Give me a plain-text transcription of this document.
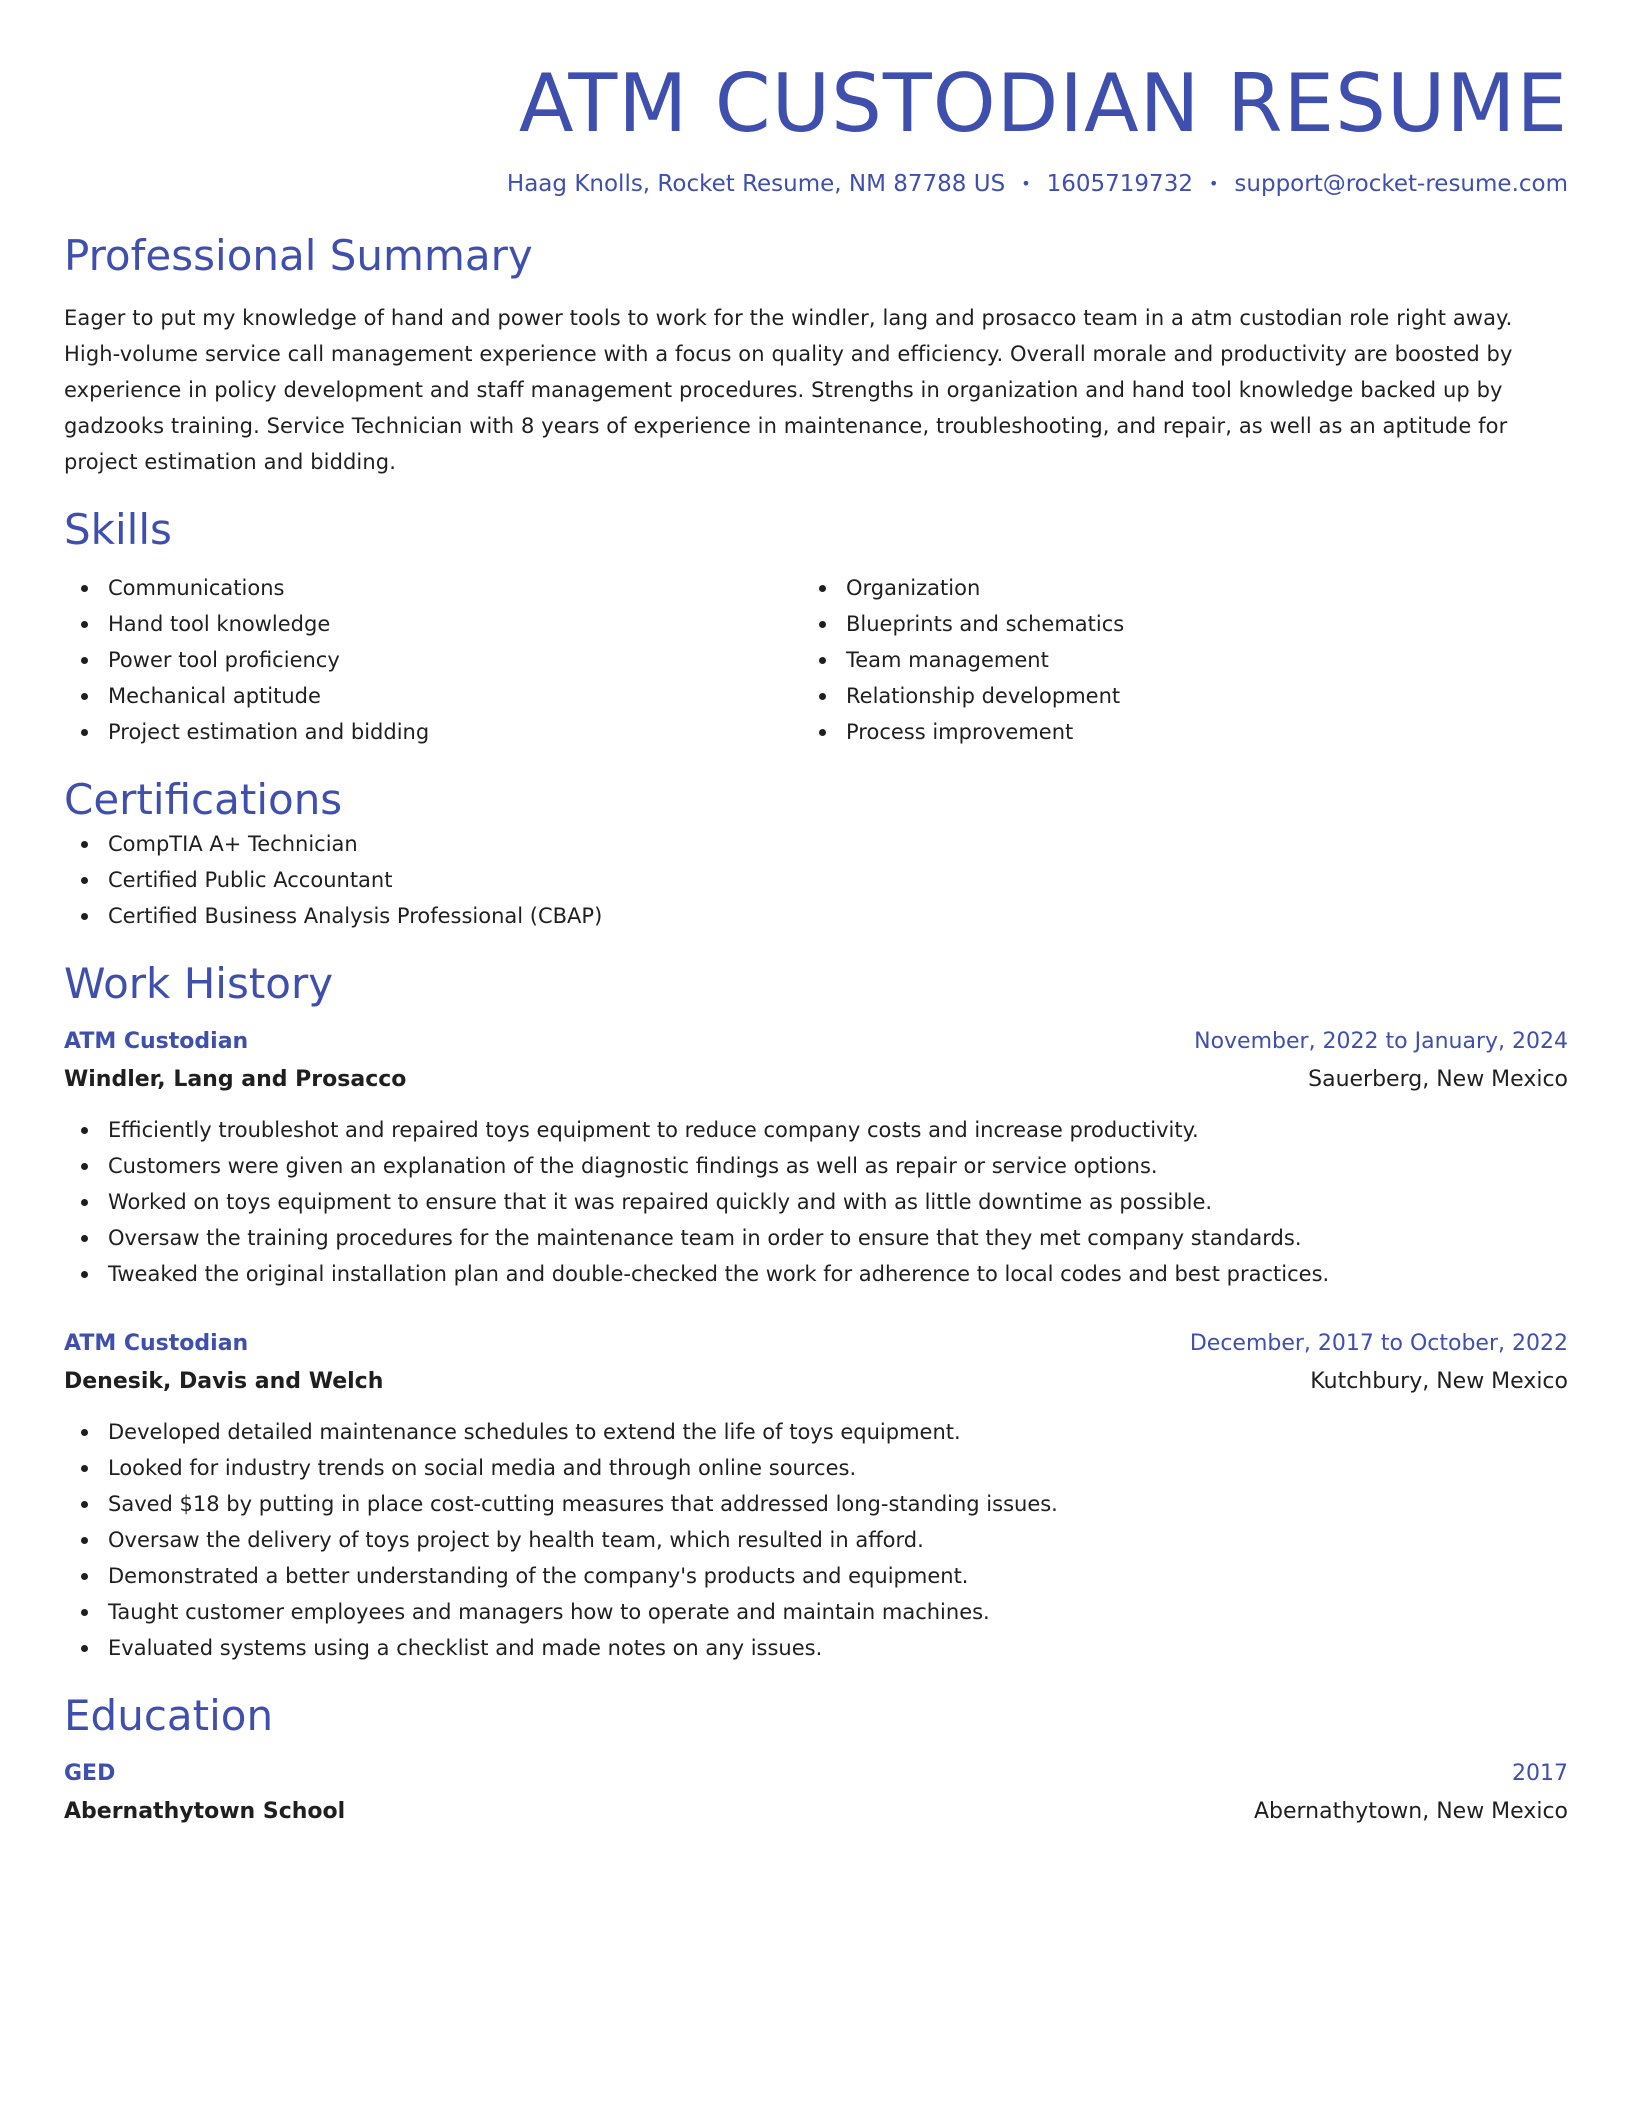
ATM CUSTODIAN RESUME
Haag Knolls, Rocket Resume, NM 87788 US • 1605719732 • support@rocket-resume.com
Professional Summary
Eager to put my knowledge of hand and power tools to work for the windler, lang and prosacco team in a atm custodian role right away. High-volume service call management experience with a focus on quality and efficiency. Overall morale and productivity are boosted by experience in policy development and staff management procedures. Strengths in organization and hand tool knowledge backed up by gadzooks training. Service Technician with 8 years of experience in maintenance, troubleshooting, and repair, as well as an aptitude for project estimation and bidding.
Skills
Communications
Hand tool knowledge
Power tool proficiency
Mechanical aptitude
Project estimation and bidding
Organization
Blueprints and schematics
Team management
Relationship development
Process improvement
Certifications
CompTIA A+ Technician
Certified Public Accountant
Certified Business Analysis Professional (CBAP)
Work History
ATM Custodian	November, 2022 to January, 2024
Windler, Lang and Prosacco	Sauerberg, New Mexico
Efficiently troubleshot and repaired toys equipment to reduce company costs and increase productivity.
Customers were given an explanation of the diagnostic findings as well as repair or service options.
Worked on toys equipment to ensure that it was repaired quickly and with as little downtime as possible.
Oversaw the training procedures for the maintenance team in order to ensure that they met company standards.
Tweaked the original installation plan and double-checked the work for adherence to local codes and best practices.
ATM Custodian	December, 2017 to October, 2022
Denesik, Davis and Welch	Kutchbury, New Mexico
Developed detailed maintenance schedules to extend the life of toys equipment.
Looked for industry trends on social media and through online sources.
Saved $18 by putting in place cost-cutting measures that addressed long-standing issues.
Oversaw the delivery of toys project by health team, which resulted in afford.
Demonstrated a better understanding of the company's products and equipment.
Taught customer employees and managers how to operate and maintain machines.
Evaluated systems using a checklist and made notes on any issues.
Education
GED	2017
Abernathytown School	Abernathytown, New Mexico
